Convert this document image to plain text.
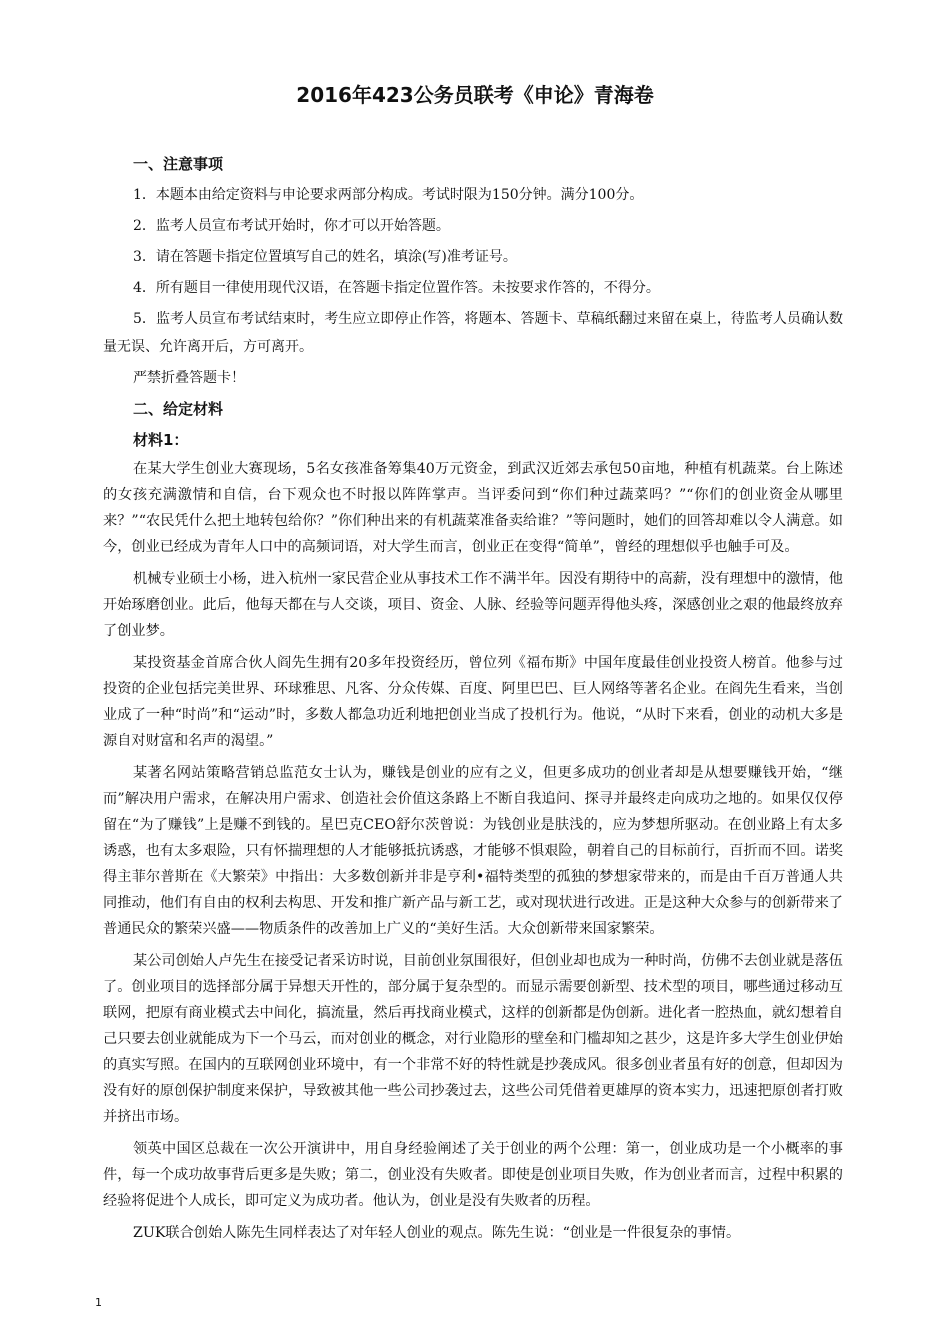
2016年423公务员联考《申论》青海卷
一、注意事项

1．本题本由给定资料与申论要求两部分构成。考试时限为150分钟。满分100分。

2．监考人员宣布考试开始时，你才可以开始答题。

3．请在答题卡指定位置填写自己的姓名，填涂(写)准考证号。

4．所有题目一律使用现代汉语，在答题卡指定位置作答。未按要求作答的，不得分。

5．监考人员宣布考试结束时，考生应立即停止作答，将题本、答题卡、草稿纸翻过来留在桌上，待监考人员确认数量无误、允许离开后，方可离开。

严禁折叠答题卡！

二、给定材料
材料1：

在某大学生创业大赛现场，5名女孩准备筹集40万元资金，到武汉近郊去承包50亩地，种植有机蔬菜。台上陈述的女孩充满激情和自信，台下观众也不时报以阵阵掌声。当评委问到“你们种过蔬菜吗？”“你们的创业资金从哪里来？”“农民凭什么把土地转包给你？”你们种出来的有机蔬菜准备卖给谁？”等问题时，她们的回答却难以令人满意。如今，创业已经成为青年人口中的高频词语，对大学生而言，创业正在变得“简单”，曾经的理想似乎也触手可及。

机械专业硕士小杨，进入杭州一家民营企业从事技术工作不满半年。因没有期待中的高薪，没有理想中的激情，他开始琢磨创业。此后，他每天都在与人交谈，项目、资金、人脉、经验等问题弄得他头疼，深感创业之艰的他最终放弃了创业梦。

某投资基金首席合伙人阎先生拥有20多年投资经历，曾位列《福布斯》中国年度最佳创业投资人榜首。他参与过投资的企业包括完美世界、环球雅思、凡客、分众传媒、百度、阿里巴巴、巨人网络等著名企业。在阎先生看来，当创业成了一种“时尚”和“运动”时，多数人都急功近利地把创业当成了投机行为。他说，“从时下来看，创业的动机大多是源自对财富和名声的渴望。”

某著名网站策略营销总监范女士认为，赚钱是创业的应有之义，但更多成功的创业者却是从想要赚钱开始，“继而”解决用户需求，在解决用户需求、创造社会价值这条路上不断自我追问、探寻并最终走向成功之地的。如果仅仅停留在“为了赚钱”上是赚不到钱的。星巴克CEO舒尔茨曾说：为钱创业是肤浅的，应为梦想所驱动。在创业路上有太多诱惑，也有太多艰险，只有怀揣理想的人才能够抵抗诱惑，才能够不惧艰险，朝着自己的目标前行，百折而不回。诺奖得主菲尔普斯在《大繁荣》中指出：大多数创新并非是亨利•福特类型的孤独的梦想家带来的，而是由千百万普通人共同推动，他们有自由的权利去构思、开发和推广新产品与新工艺，或对现状进行改进。正是这种大众参与的创新带来了普通民众的繁荣兴盛——物质条件的改善加上广义的“美好生活。大众创新带来国家繁荣。

某公司创始人卢先生在接受记者采访时说，目前创业氛围很好，但创业却也成为一种时尚，仿佛不去创业就是落伍了。创业项目的选择部分属于异想天开性的，部分属于复杂型的。而显示需要创新型、技术型的项目，哪些通过移动互联网，把原有商业模式去中间化，搞流量，然后再找商业模式，这样的创新都是伪创新。进化者一腔热血，就幻想着自己只要去创业就能成为下一个马云，而对创业的概念，对行业隐形的壁垒和门槛却知之甚少，这是许多大学生创业伊始的真实写照。在国内的互联网创业环境中，有一个非常不好的特性就是抄袭成风。很多创业者虽有好的创意，但却因为没有好的原创保护制度来保护，导致被其他一些公司抄袭过去，这些公司凭借着更雄厚的资本实力，迅速把原创者打败并挤出市场。

领英中国区总裁在一次公开演讲中，用自身经验阐述了关于创业的两个公理：第一，创业成功是一个小概率的事件，每一个成功故事背后更多是失败；第二，创业没有失败者。即使是创业项目失败，作为创业者而言，过程中积累的经验将促进个人成长，即可定义为成功者。他认为，创业是没有失败者的历程。

ZUK联合创始人陈先生同样表达了对年轻人创业的观点。陈先生说：“创业是一件很复杂的事情。

1
